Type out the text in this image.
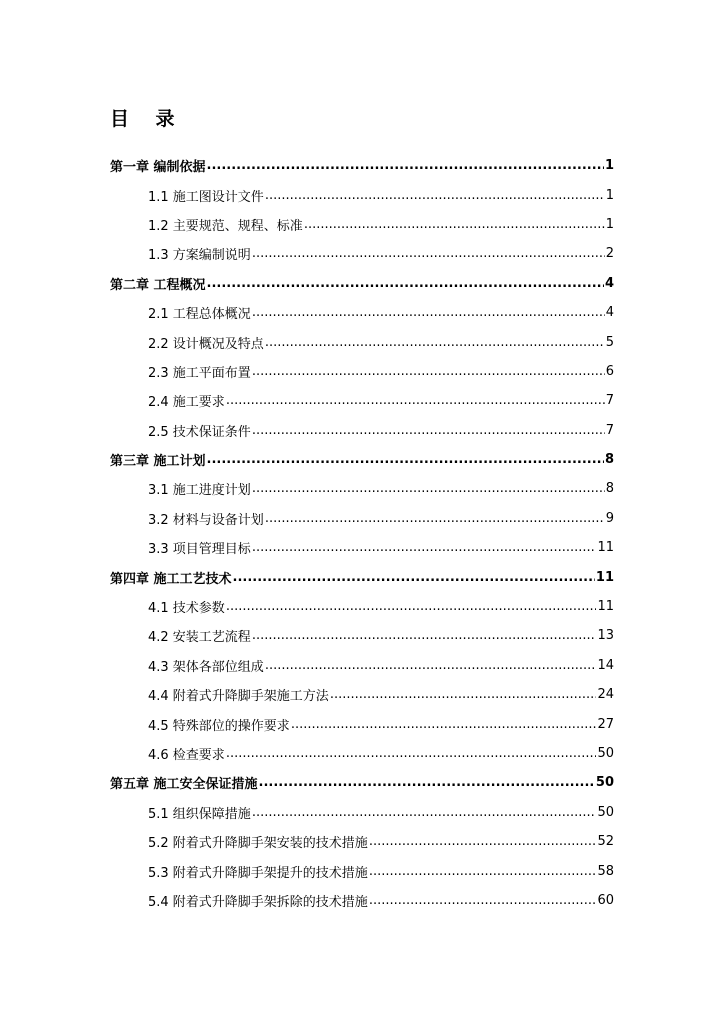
目    录
第一章 编制依据 .....	1
1.1 施工图设计文件 .....	1
1.2 主要规范、规程、标准 .....	1
1.3 方案编制说明 .....	2
第二章 工程概况 .....	4
2.1 工程总体概况 .....	4
2.2 设计概况及特点 .....	5
2.3 施工平面布置 .....	6
2.4 施工要求 .....	7
2.5 技术保证条件 .....	7
第三章 施工计划 .....	8
3.1 施工进度计划 .....	8
3.2 材料与设备计划 .....	9
3.3 项目管理目标 .....	11
第四章 施工工艺技术 .....	11
4.1 技术参数 .....	11
4.2 安装工艺流程 .....	13
4.3 架体各部位组成 .....	14
4.4 附着式升降脚手架施工方法 .....	24
4.5 特殊部位的操作要求 .....	27
4.6 检查要求 .....	50
第五章 施工安全保证措施 .....	50
5.1 组织保障措施 .....	50
5.2 附着式升降脚手架安装的技术措施 .....	52
5.3 附着式升降脚手架提升的技术措施 .....	58
5.4 附着式升降脚手架拆除的技术措施 .....	60
